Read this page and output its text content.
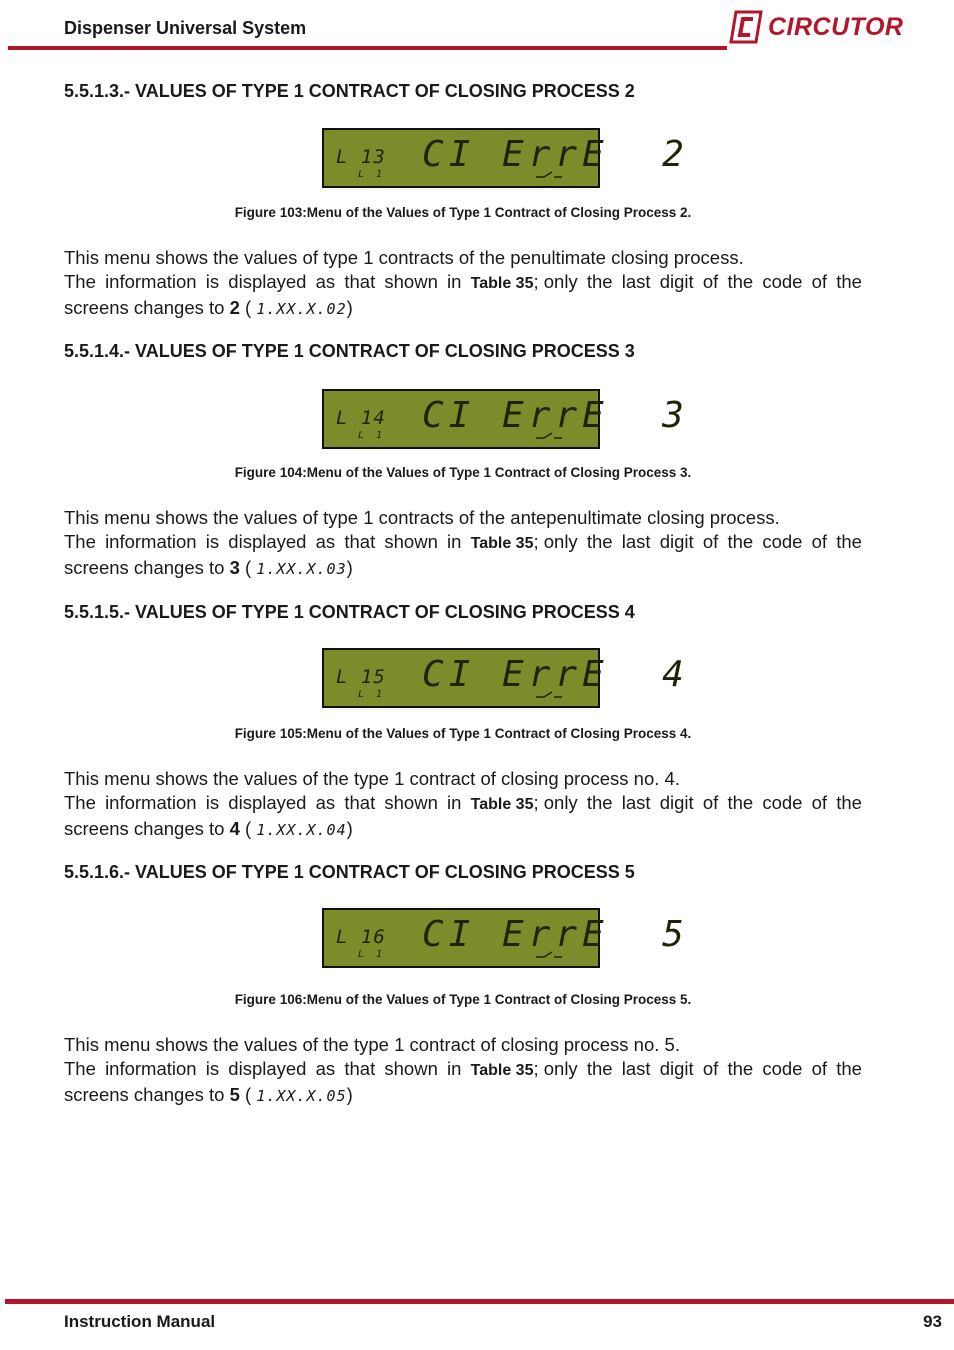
Dispenser Universal System	CIRCUTOR
5.5.1.3.- VALUES OF TYPE 1 CONTRACT OF CLOSING PROCESS 2
L 13
L 1 CI ErrE  2
Figure 103:Menu of the Values of Type 1 Contract of Closing Process 2.
This menu shows the values of type 1 contracts of the penultimate closing process.
The information is displayed as that shown in Table 35; only the last digit of the code of the
screens changes to 2 ( 1.XX.X.02)
5.5.1.4.- VALUES OF TYPE 1 CONTRACT OF CLOSING PROCESS 3
L 14
L 1 CI ErrE  3
Figure 104:Menu of the Values of Type 1 Contract of Closing Process 3.
This menu shows the values of type 1 contracts of the antepenultimate closing process.
The information is displayed as that shown in Table 35; only the last digit of the code of the
screens changes to 3 ( 1.XX.X.03)
5.5.1.5.- VALUES OF TYPE 1 CONTRACT OF CLOSING PROCESS 4
L 15
L 1 CI ErrE  4
Figure 105:Menu of the Values of Type 1 Contract of Closing Process 4.
This menu shows the values of the type 1 contract of closing process no. 4.
The information is displayed as that shown in Table 35; only the last digit of the code of the
screens changes to 4 ( 1.XX.X.04)
5.5.1.6.- VALUES OF TYPE 1 CONTRACT OF CLOSING PROCESS 5
L 16
L 1 CI ErrE  5
Figure 106:Menu of the Values of Type 1 Contract of Closing Process 5.
This menu shows the values of the type 1 contract of closing process no. 5.
The information is displayed as that shown in Table 35; only the last digit of the code of the
screens changes to 5 ( 1.XX.X.05)
Instruction Manual	93
